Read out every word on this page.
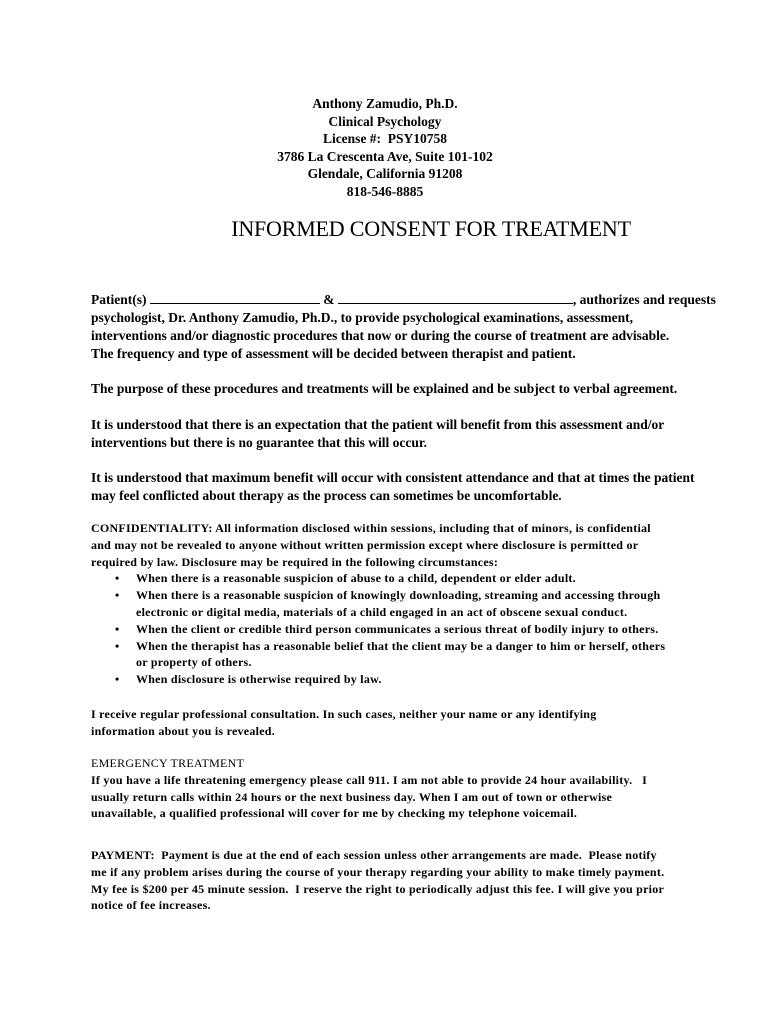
Anthony Zamudio, Ph.D.
Clinical Psychology
License #:  PSY10758
3786 La Crescenta Ave, Suite 101-102
Glendale, California 91208
818-546-8885
INFORMED CONSENT FOR TREATMENT
Patient(s)	&	, authorizes and requests
psychologist, Dr. Anthony Zamudio, Ph.D., to provide psychological examinations, assessment,
interventions and/or diagnostic procedures that now or during the course of treatment are advisable.
The frequency and type of assessment will be decided between therapist and patient.
The purpose of these procedures and treatments will be explained and be subject to verbal agreement.
It is understood that there is an expectation that the patient will benefit from this assessment and/or
interventions but there is no guarantee that this will occur.
It is understood that maximum benefit will occur with consistent attendance and that at times the patient
may feel conflicted about therapy as the process can sometimes be uncomfortable.
CONFIDENTIALITY: All information disclosed within sessions, including that of minors, is confidential
and may not be revealed to anyone without written permission except where disclosure is permitted or
required by law. Disclosure may be required in the following circumstances:
• When there is a reasonable suspicion of abuse to a child, dependent or elder adult.
• When there is a reasonable suspicion of knowingly downloading, streaming and accessing through
electronic or digital media, materials of a child engaged in an act of obscene sexual conduct.
• When the client or credible third person communicates a serious threat of bodily injury to others.
• When the therapist has a reasonable belief that the client may be a danger to him or herself, others
or property of others.
• When disclosure is otherwise required by law.
I receive regular professional consultation. In such cases, neither your name or any identifying
information about you is revealed.
EMERGENCY TREATMENT
If you have a life threatening emergency please call 911. I am not able to provide 24 hour availability.   I
usually return calls within 24 hours or the next business day. When I am out of town or otherwise
unavailable, a qualified professional will cover for me by checking my telephone voicemail.
PAYMENT:  Payment is due at the end of each session unless other arrangements are made.  Please notify
me if any problem arises during the course of your therapy regarding your ability to make timely payment.
My fee is $200 per 45 minute session.  I reserve the right to periodically adjust this fee. I will give you prior
notice of fee increases.
